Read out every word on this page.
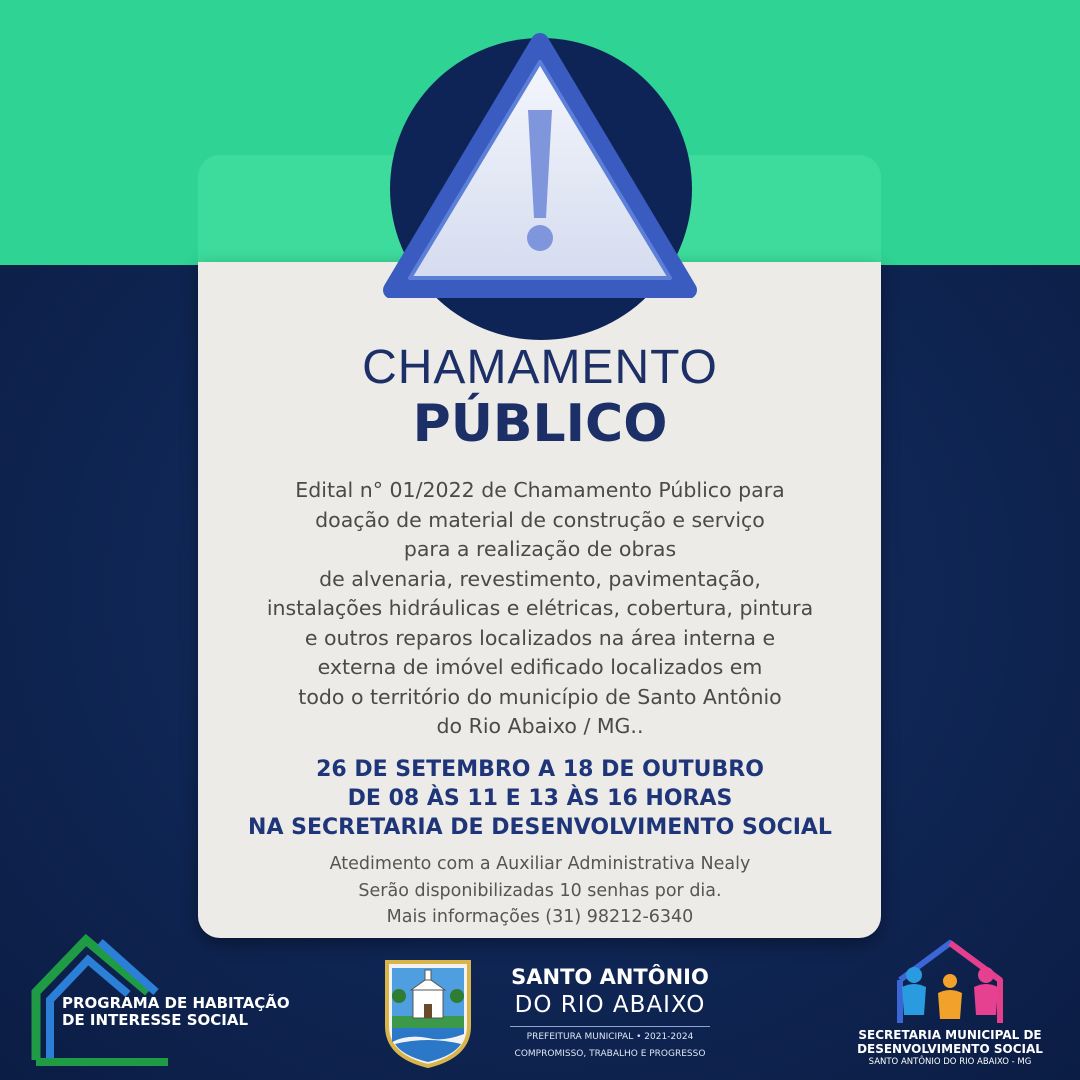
CHAMAMENTO
PÚBLICO
Edital n° 01/2022 de Chamamento Público para
doação de material de construção e serviço
para a realização de obras
de alvenaria, revestimento, pavimentação,
instalações hidráulicas e elétricas, cobertura, pintura
e outros reparos localizados na área interna e
externa de imóvel edificado localizados em
todo o território do município de Santo Antônio
do Rio Abaixo / MG..
26 DE SETEMBRO A 18 DE OUTUBRO
DE 08 ÀS 11 E 13 ÀS 16 HORAS
NA SECRETARIA DE DESENVOLVIMENTO SOCIAL
Atedimento com a Auxiliar Administrativa Nealy
Serão disponibilizadas 10 senhas por dia.
Mais informações (31) 98212-6340
PROGRAMA DE HABITAÇÃO
DE INTERESSE SOCIAL
SANTO ANTÔNIO
DO RIO ABAIXO
PREFEITURA MUNICIPAL • 2021-2024
COMPROMISSO, TRABALHO E PROGRESSO
SECRETARIA MUNICIPAL DE
DESENVOLVIMENTO SOCIAL
SANTO ANTÔNIO DO RIO ABAIXO - MG
